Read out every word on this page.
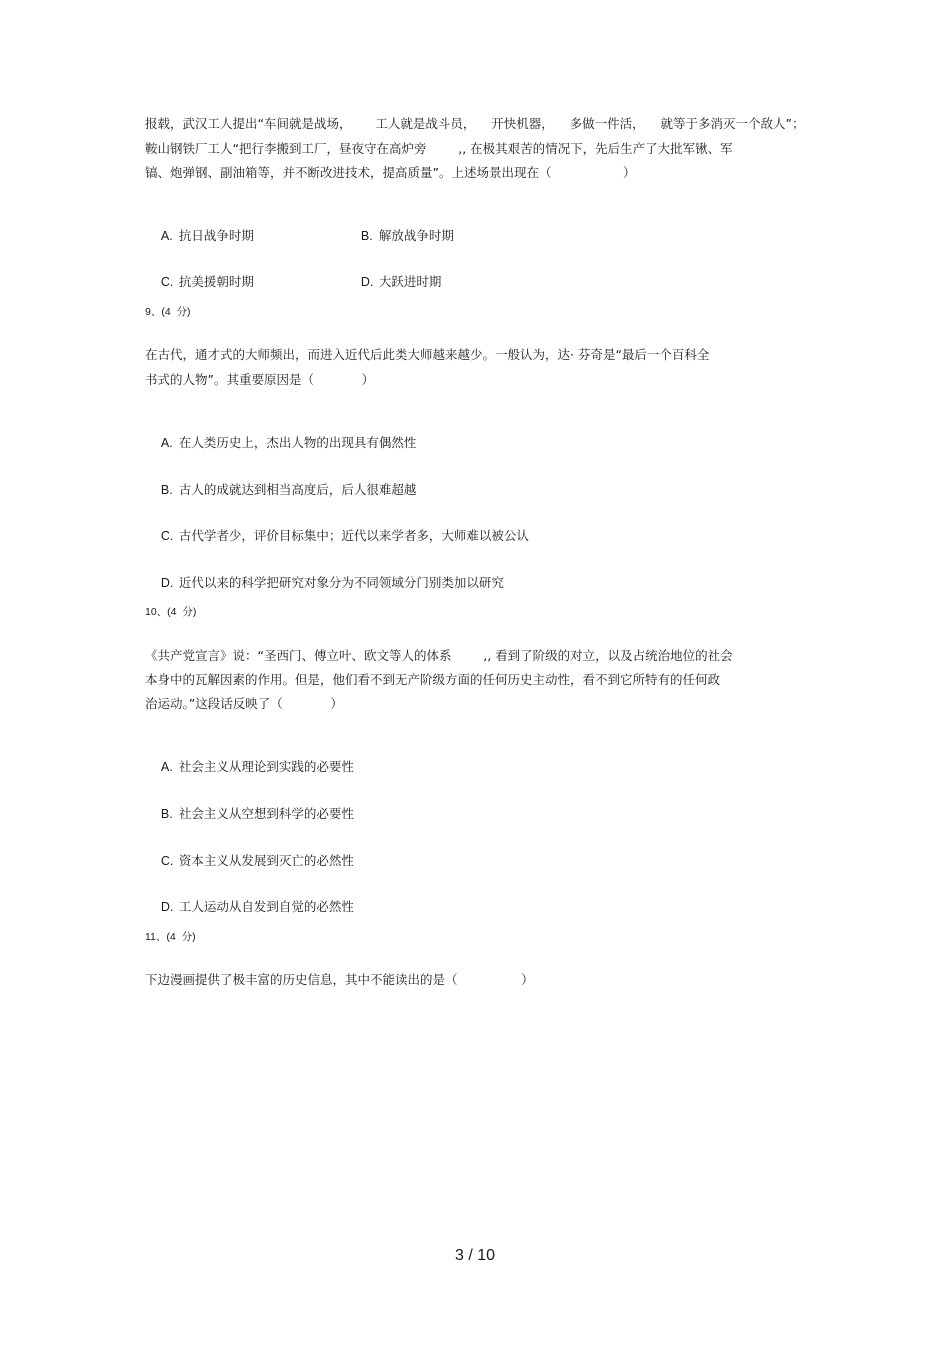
报载，武汉工人提出“车间就是战场，      工人就是战斗员，    开快机器，    多做一件活，    就等于多消灭一个敌人”；
鞍山钢铁厂工人“把行李搬到工厂，昼夜守在高炉旁        ,, 在极其艰苦的情况下，先后生产了大批军锹、军
镐、炮弹钢、副油箱等，并不断改进技术，提高质量”。上述场景出现在（                  ）

A. 抗日战争时期
	B. 解放战争时期

C. 抗美援朝时期
	D. 大跃进时期

9、(4  分)
在古代，通才式的大师频出，而进入近代后此类大师越来越少。一般认为，达· 芬奇是“最后一个百科全
书式的人物”。其重要原因是（            ）

A. 在人类历史上，杰出人物的出现具有偶然性

B. 古人的成就达到相当高度后，后人很难超越

C. 古代学者少，评价目标集中；近代以来学者多，大师难以被公认

D. 近代以来的科学把研究对象分为不同领域分门别类加以研究

10、(4  分)
《共产党宣言》说：“圣西门、傅立叶、欧文等人的体系        ,, 看到了阶级的对立，以及占统治地位的社会
本身中的瓦解因素的作用。但是，他们看不到无产阶级方面的任何历史主动性，看不到它所特有的任何政
治运动。”这段话反映了（            ）

A. 社会主义从理论到实践的必要性

B. 社会主义从空想到科学的必要性

C. 资本主义从发展到灭亡的必然性

D. 工人运动从自发到自觉的必然性

11、(4  分)
下边漫画提供了极丰富的历史信息，其中不能读出的是（                ）
3 / 10
